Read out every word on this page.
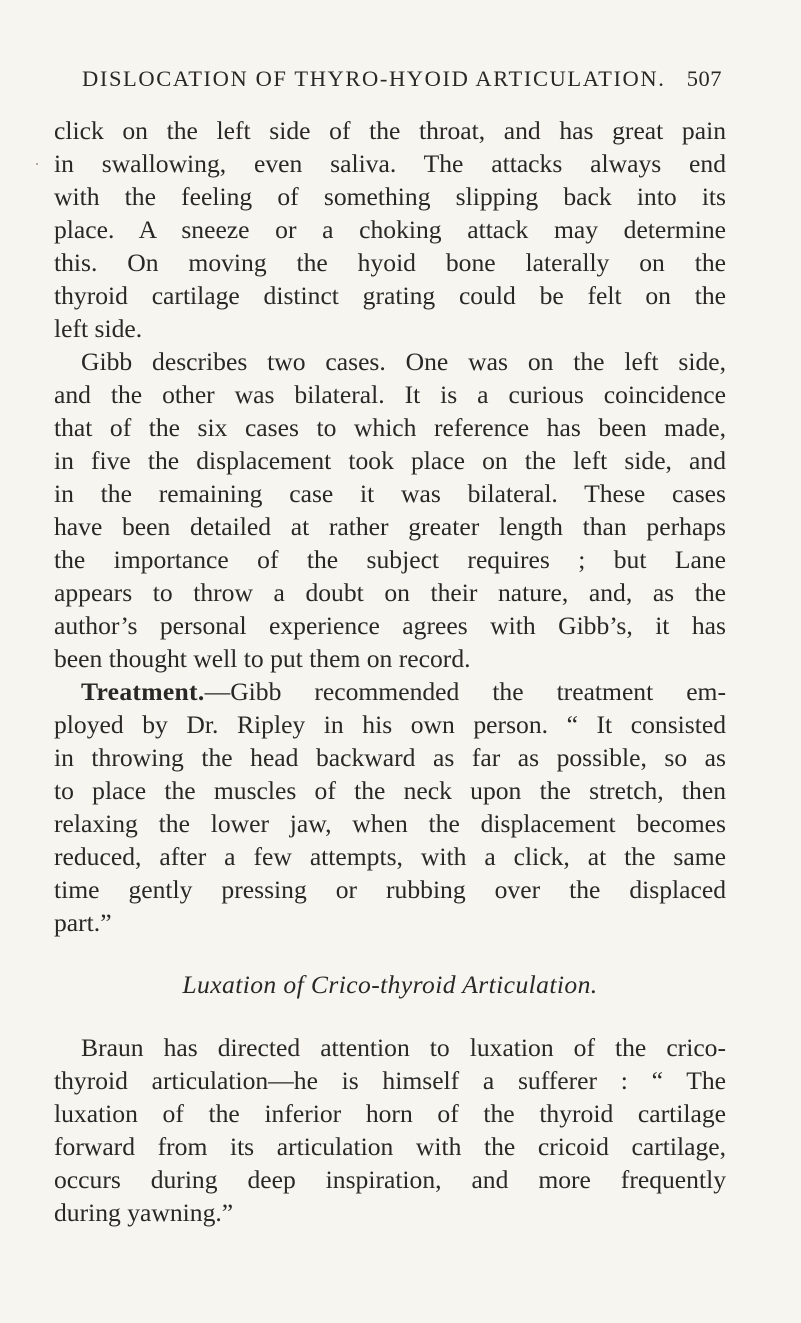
DISLOCATION OF THYRO-HYOID ARTICULATION. 507
click on the left side of the throat, and has great pain
in swallowing, even saliva. The attacks always end
with the feeling of something slipping back into its
place. A sneeze or a choking attack may determine
this. On moving the hyoid bone laterally on the
thyroid cartilage distinct grating could be felt on the
left side.
Gibb describes two cases. One was on the left side,
and the other was bilateral. It is a curious coincidence
that of the six cases to which reference has been made,
in five the displacement took place on the left side, and
in the remaining case it was bilateral. These cases
have been detailed at rather greater length than perhaps
the importance of the subject requires ; but Lane
appears to throw a doubt on their nature, and, as the
author’s personal experience agrees with Gibb’s, it has
been thought well to put them on record.
Treatment.—Gibb recommended the treatment em-
ployed by Dr. Ripley in his own person. “ It consisted
in throwing the head backward as far as possible, so as
to place the muscles of the neck upon the stretch, then
relaxing the lower jaw, when the displacement becomes
reduced, after a few attempts, with a click, at the same
time gently pressing or rubbing over the displaced
part.”
Luxation of Crico-thyroid Articulation.
Braun has directed attention to luxation of the crico-
thyroid articulation—he is himself a sufferer : “ The
luxation of the inferior horn of the thyroid cartilage
forward from its articulation with the cricoid cartilage,
occurs during deep inspiration, and more frequently
during yawning.”
